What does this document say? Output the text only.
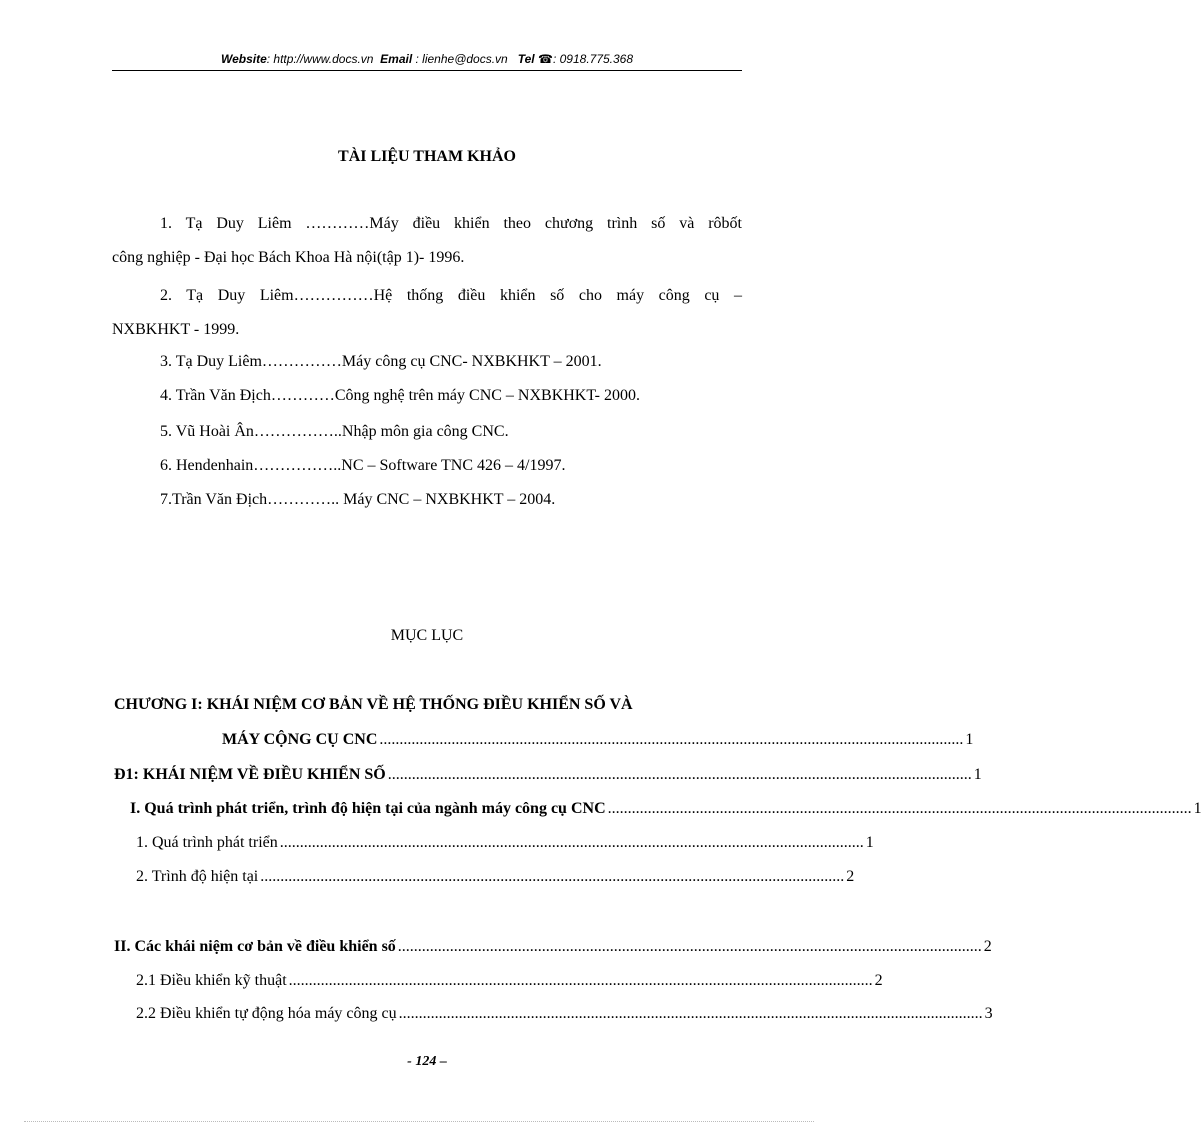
Website: http://www.docs.vn Email : lienhe@docs.vn Tel ☎: 0918.775.368
TÀI LIỆU THAM KHẢO
1. Tạ Duy Liêm …………Máy điều khiển theo chương trình số và rôbốt
công nghiệp - Đại học Bách Khoa Hà nội(tập 1)- 1996.
2. Tạ Duy Liêm……………Hệ thống điều khiển số cho máy công cụ –
NXBKHKT - 1999.
3. Tạ Duy Liêm……………Máy công cụ CNC- NXBKHKT – 2001.
4. Trần Văn Địch…………Công nghệ trên máy CNC – NXBKHKT- 2000.
5. Vũ Hoài Ân……………..Nhập môn gia công CNC.
6. Hendenhain……………..NC – Software TNC 426 – 4/1997.
7.Trần Văn Địch………….. Máy CNC – NXBKHKT – 2004.
MỤC LỤC
CHƯƠNG I: KHÁI NIỆM CƠ BẢN VỀ HỆ THỐNG ĐIỀU KHIỂN SỐ VÀ
MÁY CỘNG CỤ CNC .................................................................................................................................................. 1
Đ1: KHÁI NIỆM VỀ ĐIỀU KHIỂN SỐ .................................................................................................................................................. 1
I. Quá trình phát triển, trình độ hiện tại của ngành máy công cụ CNC .................................................................................................................................................. 1
1. Quá trình phát triển .................................................................................................................................................. 1
2. Trình độ hiện tại .................................................................................................................................................. 2
II. Các khái niệm cơ bản về điều khiển số .................................................................................................................................................. 2
2.1 Điều khiển kỹ thuật .................................................................................................................................................. 2
2.2 Điều khiển tự động hóa máy công cụ .................................................................................................................................................. 3
- 124 –
